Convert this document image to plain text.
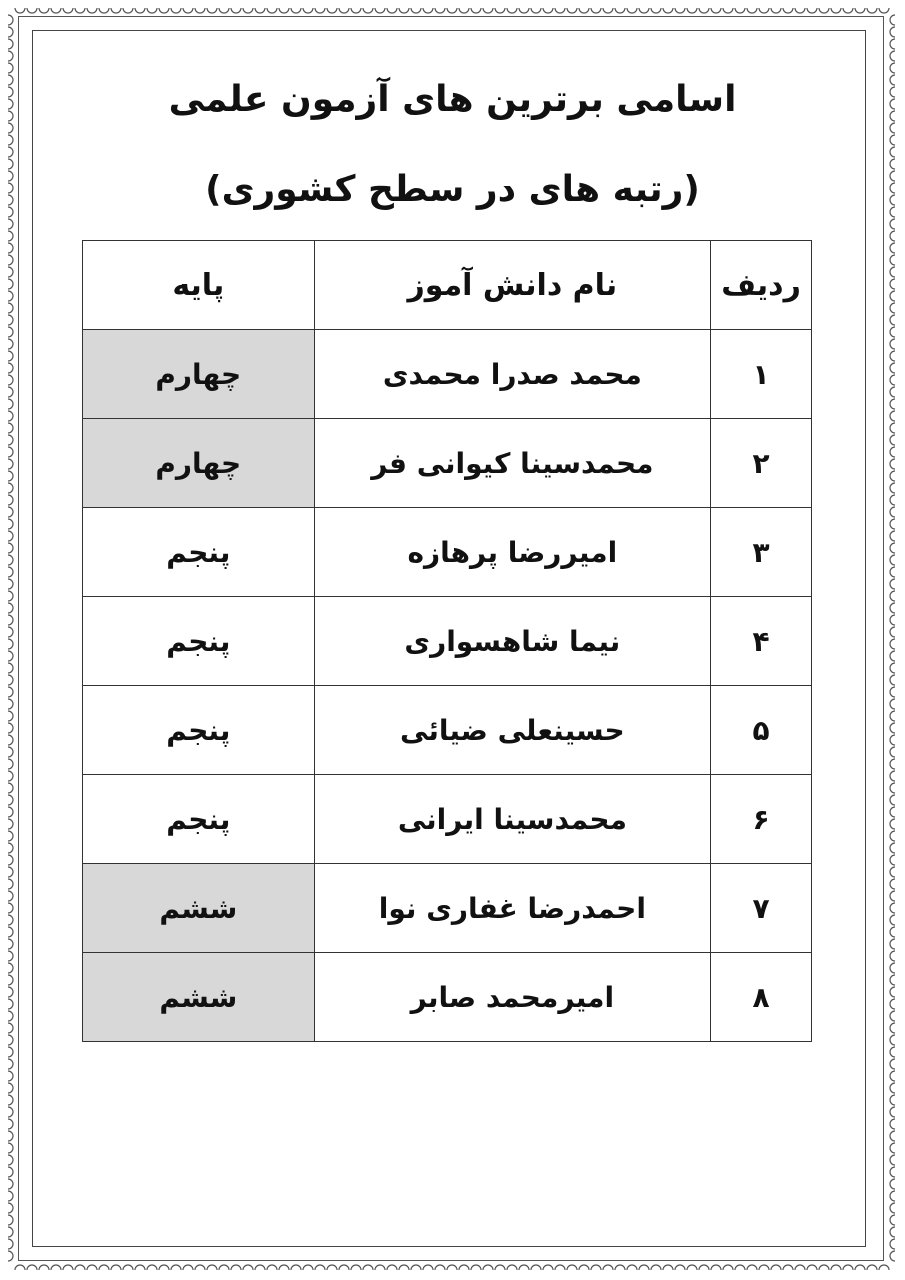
اسامی برترین های آزمون علمی
(رتبه های در سطح کشوری)
ردیف	نام دانش آموز	پایه
۱	محمد صدرا محمدی	چهارم
۲	محمدسینا کیوانی فر	چهارم
۳	امیررضا پرهازه	پنجم
۴	نیما شاهسواری	پنجم
۵	حسینعلی ضیائی	پنجم
۶	محمدسینا ایرانی	پنجم
۷	احمدرضا غفاری نوا	ششم
۸	امیرمحمد صابر	ششم
